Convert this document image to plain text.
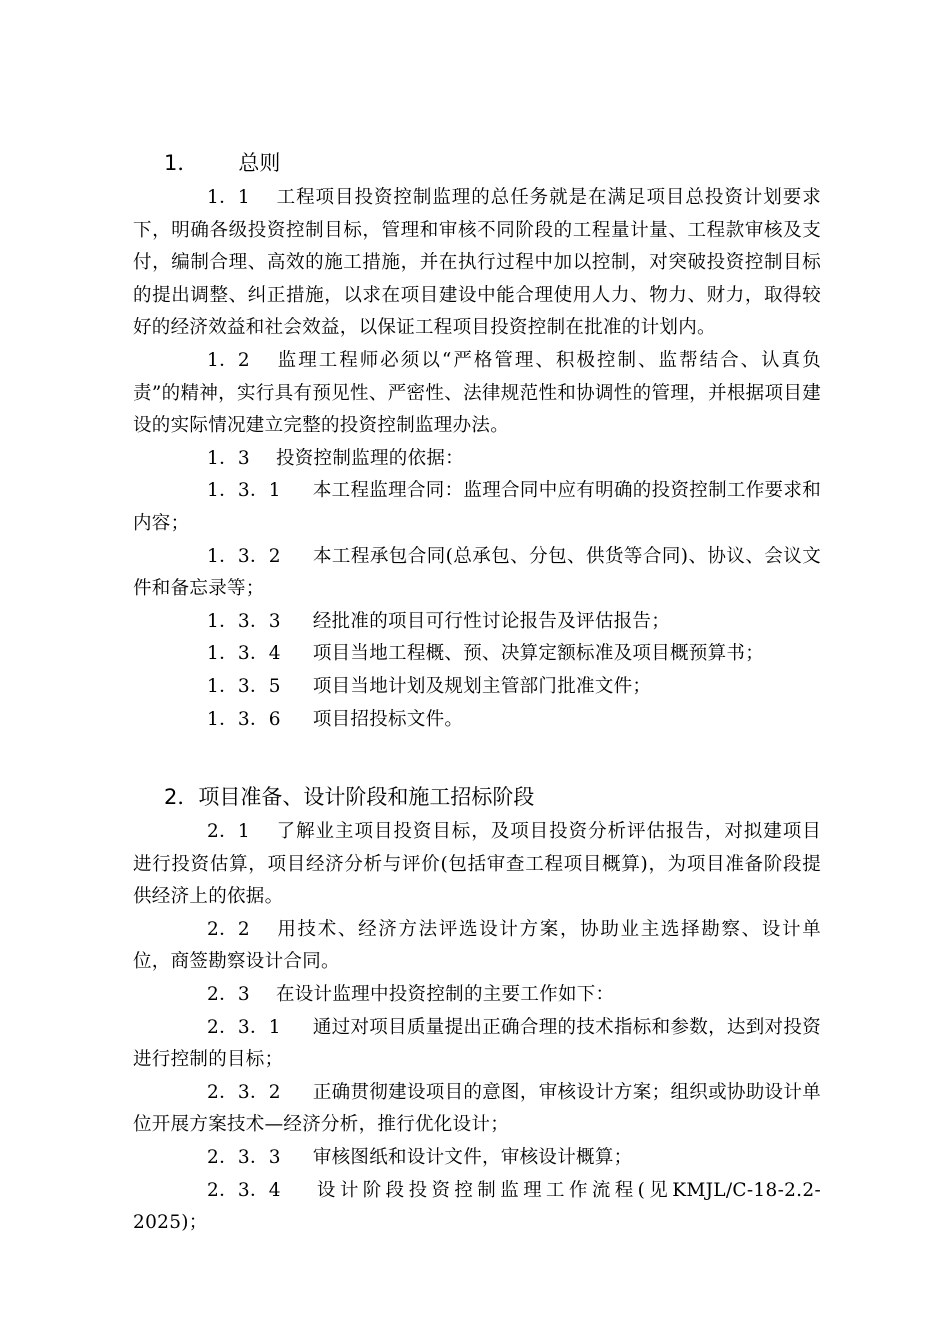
1． 总则

1．1 工程项目投资控制监理的总任务就是在满足项目总投资计划要求下，明确各级投资控制目标，管理和审核不同阶段的工程量计量、工程款审核及支付，编制合理、高效的施工措施，并在执行过程中加以控制，对突破投资控制目标的提出调整、纠正措施，以求在项目建设中能合理使用人力、物力、财力，取得较好的经济效益和社会效益，以保证工程项目投资控制在批准的计划内。

1．2 监理工程师必须以“严格管理、积极控制、监帮结合、认真负责”的精神，实行具有预见性、严密性、法律规范性和协调性的管理，并根据项目建设的实际情况建立完整的投资控制监理办法。

1．3 投资控制监理的依据：

1．3．1 本工程监理合同：监理合同中应有明确的投资控制工作要求和内容；

1．3．2 本工程承包合同(总承包、分包、供货等合同)、协议、会议文件和备忘录等；

1．3．3 经批准的项目可行性讨论报告及评估报告；

1．3．4 项目当地工程概、预、决算定额标准及项目概预算书；

1．3．5 项目当地计划及规划主管部门批准文件；

1．3．6 项目招投标文件。

2．项目准备、设计阶段和施工招标阶段

2．1 了解业主项目投资目标，及项目投资分析评估报告，对拟建项目进行投资估算，项目经济分析与评价(包括审查工程项目概算)，为项目准备阶段提供经济上的依据。

2．2 用技术、经济方法评选设计方案，协助业主选择勘察、设计单位，商签勘察设计合同。

2．3 在设计监理中投资控制的主要工作如下：

2．3．1 通过对项目质量提出正确合理的技术指标和参数，达到对投资进行控制的目标；

2．3．2 正确贯彻建设项目的意图，审核设计方案；组织或协助设计单位开展方案技术—经济分析，推行优化设计；

2．3．3 审核图纸和设计文件，审核设计概算；

2．3．4 设计阶段投资控制监理工作流程(见KMJL/C-18-2.2-2025)；
